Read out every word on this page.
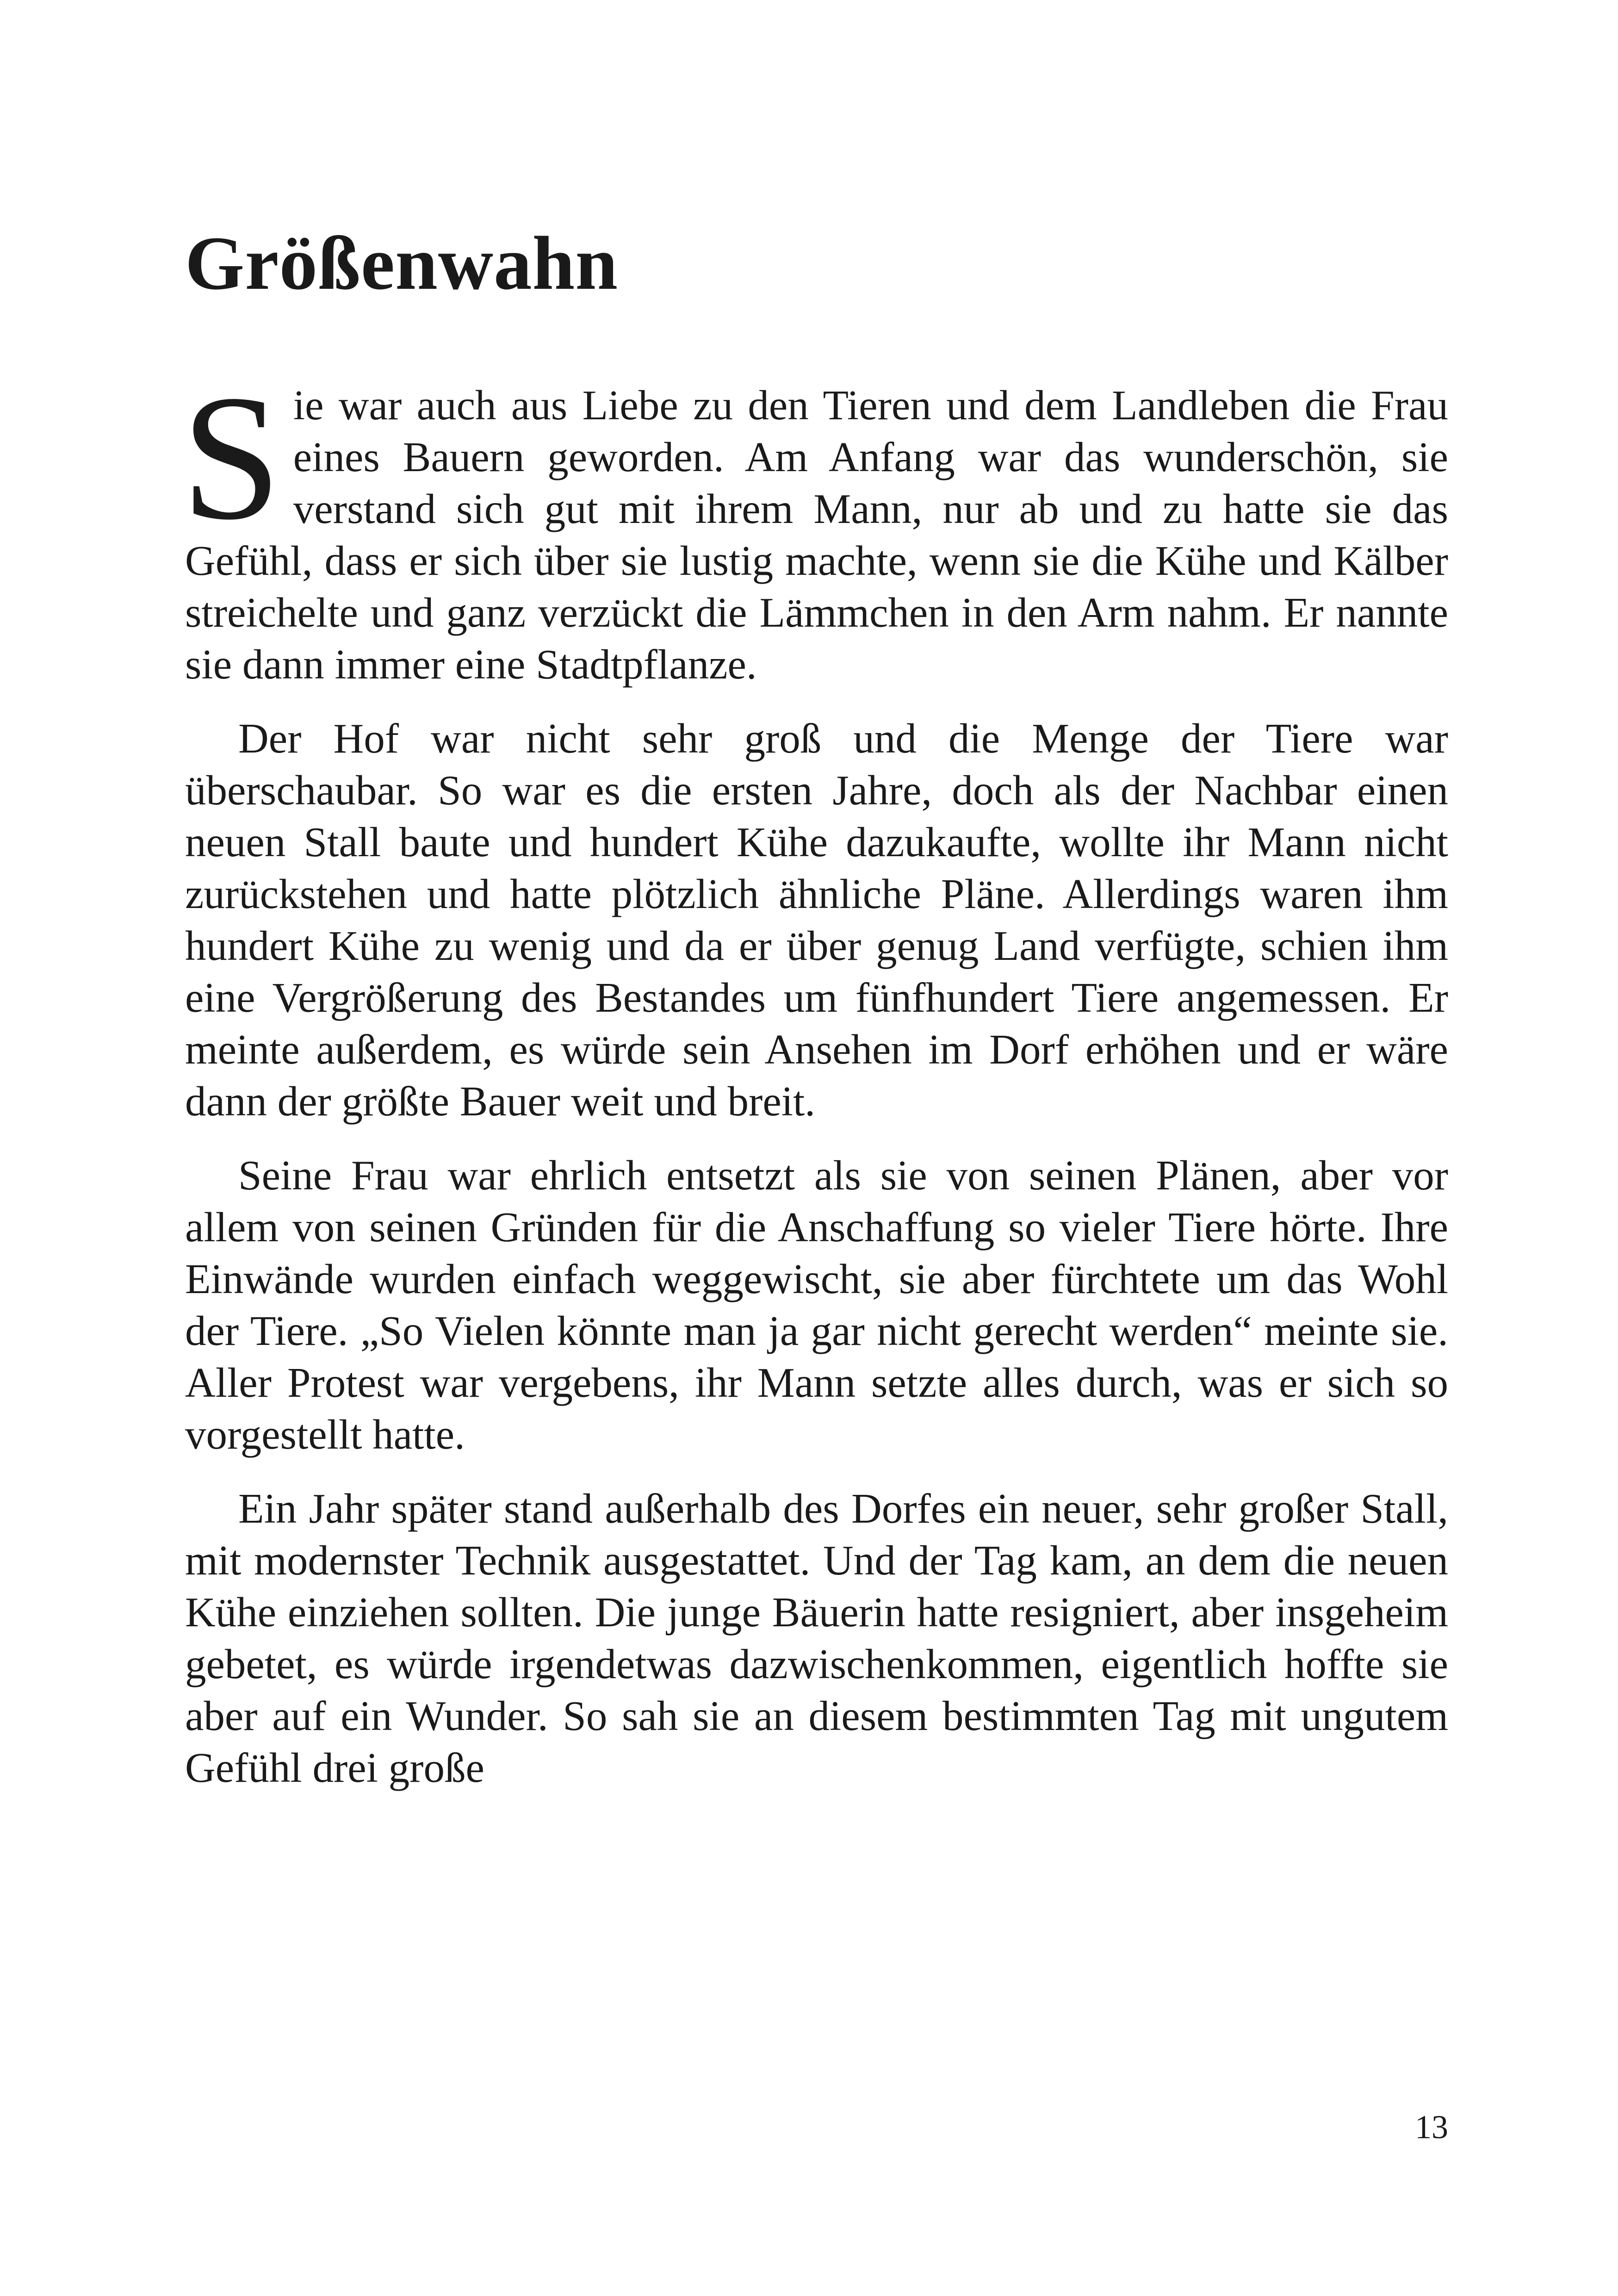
Größenwahn

Sie war auch aus Liebe zu den Tieren und dem Landleben die Frau eines Bauern geworden. Am Anfang war das wunderschön, sie verstand sich gut mit ihrem Mann, nur ab und zu hatte sie das Gefühl, dass er sich über sie lustig machte, wenn sie die Kühe und Kälber streichelte und ganz verzückt die Lämmchen in den Arm nahm. Er nannte sie dann immer eine Stadtpflanze.

Der Hof war nicht sehr groß und die Menge der Tiere war überschaubar. So war es die ersten Jahre, doch als der Nachbar einen neuen Stall baute und hundert Kühe dazukaufte, wollte ihr Mann nicht zurückstehen und hatte plötzlich ähnliche Pläne. Allerdings waren ihm hundert Kühe zu wenig und da er über genug Land verfügte, schien ihm eine Vergrößerung des Bestandes um fünfhundert Tiere angemessen. Er meinte außerdem, es würde sein Ansehen im Dorf erhöhen und er wäre dann der größte Bauer weit und breit.

Seine Frau war ehrlich entsetzt als sie von seinen Plänen, aber vor allem von seinen Gründen für die Anschaffung so vieler Tiere hörte. Ihre Einwände wurden einfach weggewischt, sie aber fürchtete um das Wohl der Tiere. „So Vielen könnte man ja gar nicht gerecht werden“ meinte sie. Aller Protest war vergebens, ihr Mann setzte alles durch, was er sich so vorgestellt hatte.

Ein Jahr später stand außerhalb des Dorfes ein neuer, sehr großer Stall, mit modernster Technik ausgestattet. Und der Tag kam, an dem die neuen Kühe einziehen sollten. Die junge Bäuerin hatte resigniert, aber insgeheim gebetet, es würde irgendetwas dazwischenkommen, eigentlich hoffte sie aber auf ein Wunder. So sah sie an diesem bestimmten Tag mit ungutem Gefühl drei große

13
